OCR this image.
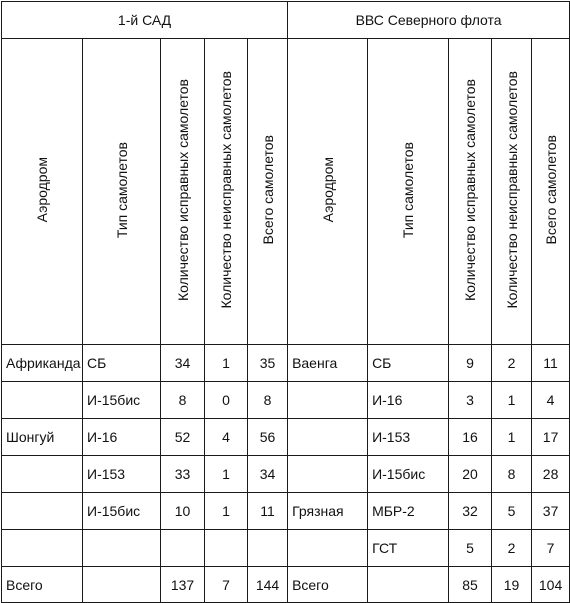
1-й САД					ВВС Северного флота				
Аэродром	Тип самолетов	Количество исправных самолетов	Количество неисправных самолетов	Всего самолетов	Аэродром	Тип самолетов	Количество исправных самолетов	Количество неисправных самолетов	Всего самолетов
Африканда	СБ	34	1	35	Ваенга	СБ	9	2	11
	И-15бис	8	0	8		И-16	3	1	4
Шонгуй	И-16	52	4	56		И-153	16	1	17
	И-153	33	1	34		И-15бис	20	8	28
	И-15бис	10	1	11	Грязная	МБР-2	32	5	37
						ГСТ	5	2	7
Всего		137	7	144	Всего		85	19	104
